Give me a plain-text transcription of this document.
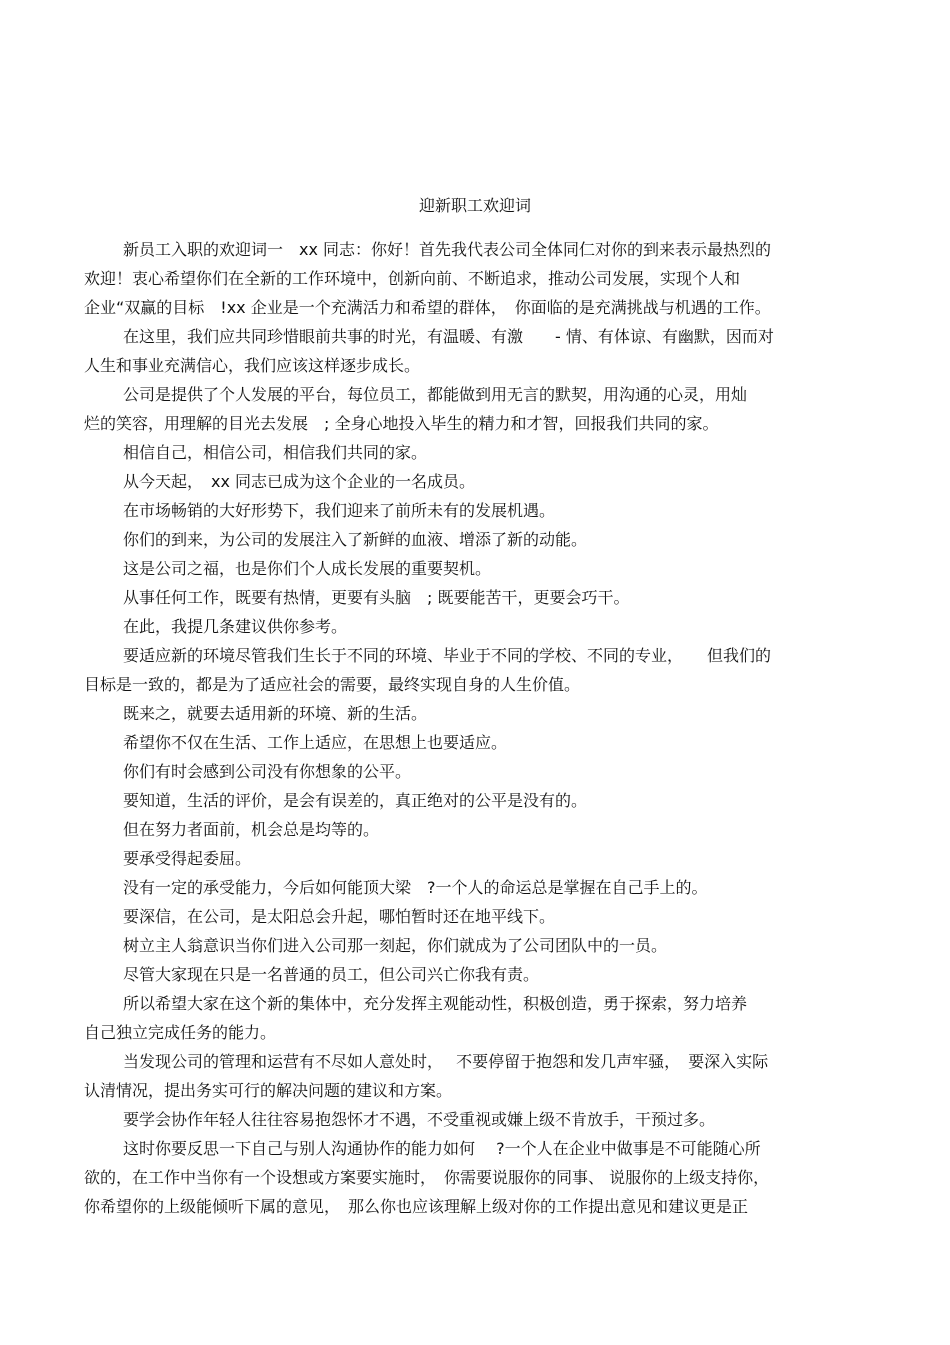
迎新职工欢迎词
新员工入职的欢迎词一　xx 同志：你好！首先我代表公司全体同仁对你的到来表示最热烈的
欢迎！衷心希望你们在全新的工作环境中，创新向前、不断追求，推动公司发展，实现个人和
企业“双赢的目标　!xx 企业是一个充满活力和希望的群体，　你面临的是充满挑战与机遇的工作。
在这里，我们应共同珍惜眼前共事的时光，有温暖、有激　　- 情、有体谅、有幽默，因而对
人生和事业充满信心，我们应该这样逐步成长。
公司是提供了个人发展的平台，每位员工，都能做到用无言的默契，用沟通的心灵，用灿
烂的笑容，用理解的目光去发展　; 全身心地投入毕生的精力和才智，回报我们共同的家。
相信自己，相信公司，相信我们共同的家。
从今天起，　xx 同志已成为这个企业的一名成员。
在市场畅销的大好形势下，我们迎来了前所未有的发展机遇。
你们的到来，为公司的发展注入了新鲜的血液、增添了新的动能。
这是公司之福，也是你们个人成长发展的重要契机。
从事任何工作，既要有热情，更要有头脑　; 既要能苦干，更要会巧干。
在此，我提几条建议供你参考。
要适应新的环境尽管我们生长于不同的环境、毕业于不同的学校、不同的专业，　　但我们的
目标是一致的，都是为了适应社会的需要，最终实现自身的人生价值。
既来之，就要去适用新的环境、新的生活。
希望你不仅在生活、工作上适应，在思想上也要适应。
你们有时会感到公司没有你想象的公平。
要知道，生活的评价，是会有误差的，真正绝对的公平是没有的。
但在努力者面前，机会总是均等的。
要承受得起委屈。
没有一定的承受能力，今后如何能顶大梁　?一个人的命运总是掌握在自己手上的。
要深信，在公司，是太阳总会升起，哪怕暂时还在地平线下。
树立主人翁意识当你们进入公司那一刻起，你们就成为了公司团队中的一员。
尽管大家现在只是一名普通的员工，但公司兴亡你我有责。
所以希望大家在这个新的集体中，充分发挥主观能动性，积极创造，勇于探索，努力培养
自己独立完成任务的能力。
当发现公司的管理和运营有不尽如人意处时，　 不要停留于抱怨和发几声牢骚，　要深入实际
认清情况，提出务实可行的解决问题的建议和方案。
要学会协作年轻人往往容易抱怨怀才不遇，不受重视或嫌上级不肯放手，干预过多。
这时你要反思一下自己与别人沟通协作的能力如何　 ?一个人在企业中做事是不可能随心所
欲的，在工作中当你有一个设想或方案要实施时，　你需要说服你的同事、 说服你的上级支持你，
你希望你的上级能倾听下属的意见，　那么你也应该理解上级对你的工作提出意见和建议更是正
